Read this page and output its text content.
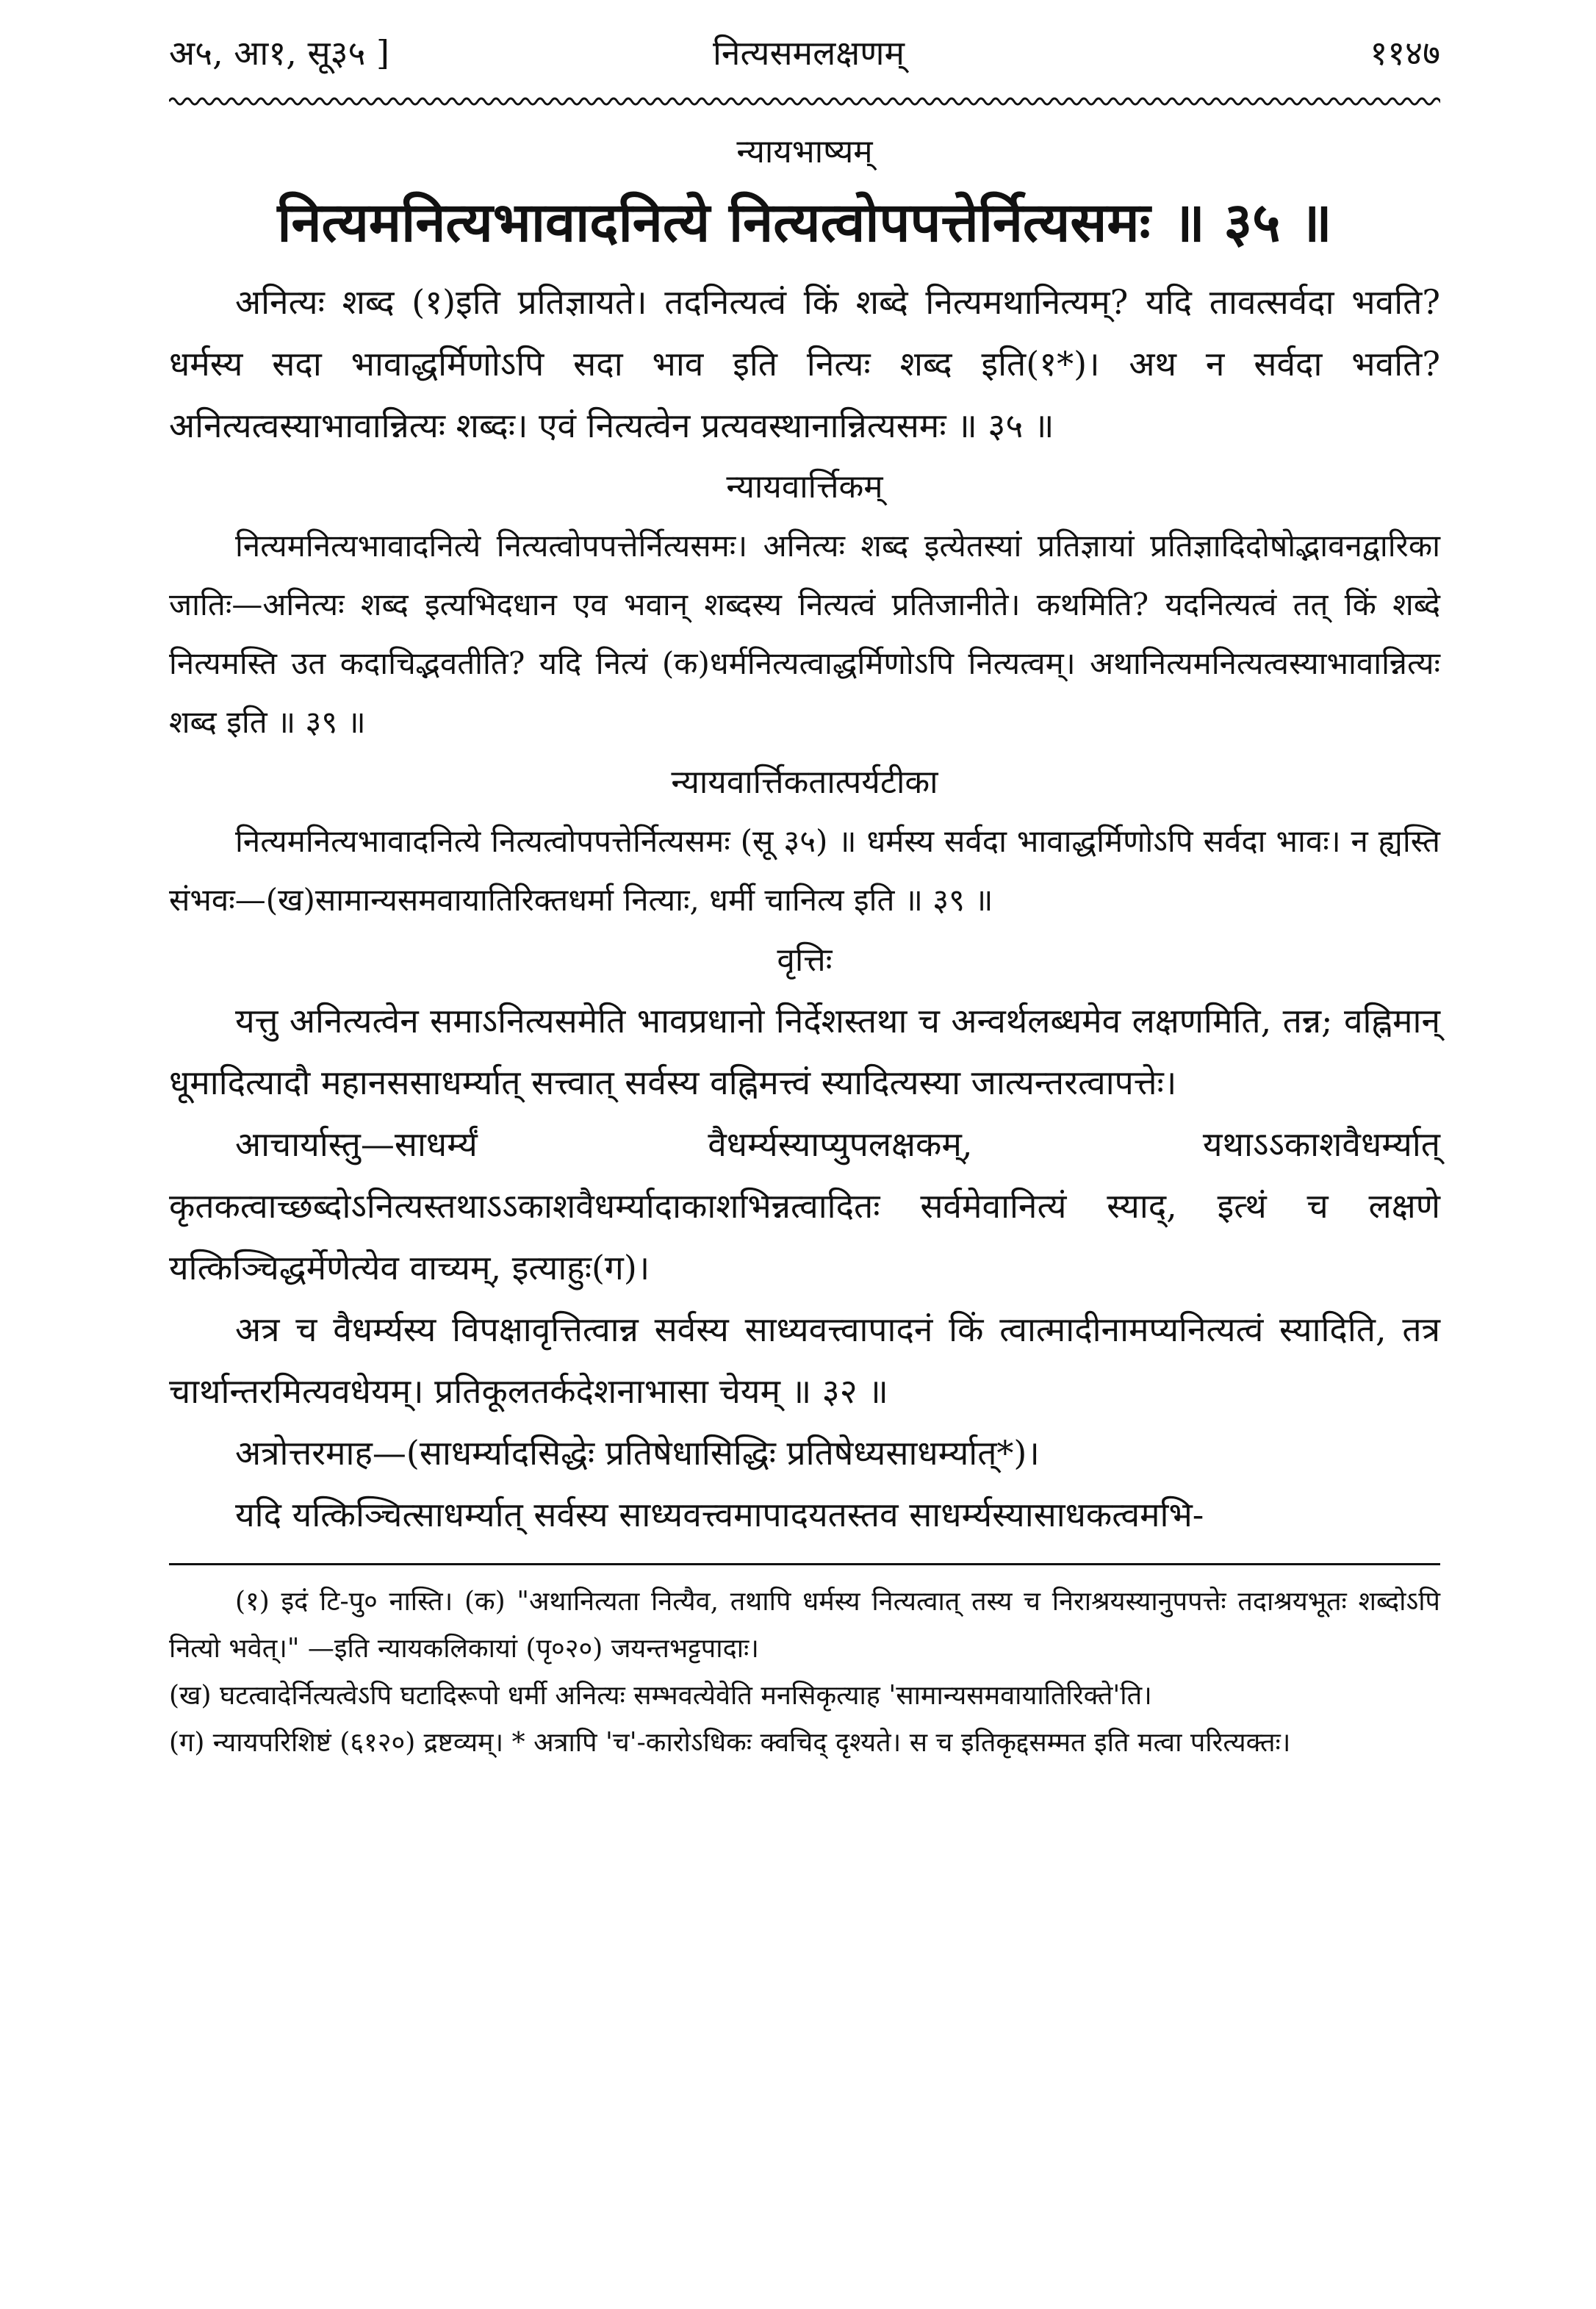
अ५, आ१, सू३५ ]	नित्यसमलक्षणम्	११४७
न्यायभाष्यम्
नित्यमनित्यभावादनित्ये नित्यत्वोपपत्तेर्नित्यसमः ॥ ३५ ॥

अनित्यः शब्द (१)इति प्रतिज्ञायते। तदनित्यत्वं किं शब्दे नित्यमथानित्यम्? यदि तावत्सर्वदा भवति? धर्मस्य सदा भावाद्धर्मिणोऽपि सदा भाव इति नित्यः शब्द इति(१*)। अथ न सर्वदा भवति? अनित्यत्वस्याभावान्नित्यः शब्दः। एवं नित्यत्वेन प्रत्यवस्थानान्नित्यसमः ॥ ३५ ॥

न्यायवार्त्तिकम्

नित्यमनित्यभावादनित्ये नित्यत्वोपपत्तेर्नित्यसमः। अनित्यः शब्द इत्येतस्यां प्रतिज्ञायां प्रतिज्ञादिदोषोद्भावनद्वारिका जातिः—अनित्यः शब्द इत्यभिदधान एव भवान् शब्दस्य नित्यत्वं प्रतिजानीते। कथमिति? यदनित्यत्वं तत् किं शब्दे नित्यमस्ति उत कदाचिद्भवतीति? यदि नित्यं (क)धर्मनित्यत्वाद्धर्मिणोऽपि नित्यत्वम्। अथानित्यमनित्यत्वस्याभावान्नित्यः शब्द इति ॥ ३९ ॥

न्यायवार्त्तिकतात्पर्यटीका

नित्यमनित्यभावादनित्ये नित्यत्वोपपत्तेर्नित्यसमः (सू ३५) ॥ धर्मस्य सर्वदा भावाद्धर्मिणोऽपि सर्वदा भावः। न ह्यस्ति संभवः—(ख)सामान्यसमवायातिरिक्तधर्मा नित्याः, धर्मी चानित्य इति ॥ ३९ ॥

वृत्तिः

यत्तु अनित्यत्वेन समाऽनित्यसमेति भावप्रधानो निर्देशस्तथा च अन्वर्थलब्धमेव लक्षणमिति, तन्न; वह्निमान् धूमादित्यादौ महानससाधर्म्यात् सत्त्वात् सर्वस्य वह्निमत्त्वं स्यादित्यस्या जात्यन्तरत्वापत्तेः।

आचार्यास्तु—साधर्म्यं वैधर्म्यस्याप्युपलक्षकम्, यथाऽऽकाशवैधर्म्यात् कृतकत्वाच्छब्दोऽनित्यस्तथाऽऽकाशवैधर्म्यादाकाशभिन्नत्वादितः सर्वमेवानित्यं स्याद्, इत्थं च लक्षणे यत्किञ्चिद्धर्मेणेत्येव वाच्यम्, इत्याहुः(ग)।

अत्र च वैधर्म्यस्य विपक्षावृत्तित्वान्न सर्वस्य साध्यवत्त्वापादनं किं त्वात्मादीनामप्यनित्यत्वं स्यादिति, तत्र चार्थान्तरमित्यवधेयम्। प्रतिकूलतर्कदेशनाभासा चेयम् ॥ ३२ ॥

अत्रोत्तरमाह—(साधर्म्यादसिद्धेः प्रतिषेधासिद्धिः प्रतिषेध्यसाधर्म्यात्*)।

यदि यत्किञ्चित्साधर्म्यात् सर्वस्य साध्यवत्त्वमापादयतस्तव साधर्म्यस्यासाधकत्वमभि-

(१) इदं टि-पु० नास्ति। (क) "अथानित्यता नित्यैव, तथापि धर्मस्य नित्यत्वात् तस्य च निराश्रयस्यानुपपत्तेः तदाश्रयभूतः शब्दोऽपि नित्यो भवेत्।" —इति न्यायकलिकायां (पृ०२०) जयन्तभट्टपादाः।

(ख) घटत्वादेर्नित्यत्वेऽपि घटादिरूपो धर्मी अनित्यः सम्भवत्येवेति मनसिकृत्याह 'सामान्यसमवायातिरिक्ते'ति।

(ग) न्यायपरिशिष्टं (६१२०) द्रष्टव्यम्। * अत्रापि 'च'-कारोऽधिकः क्वचिद् दृश्यते। स च इतिकृद्दसम्मत इति मत्वा परित्यक्तः।
